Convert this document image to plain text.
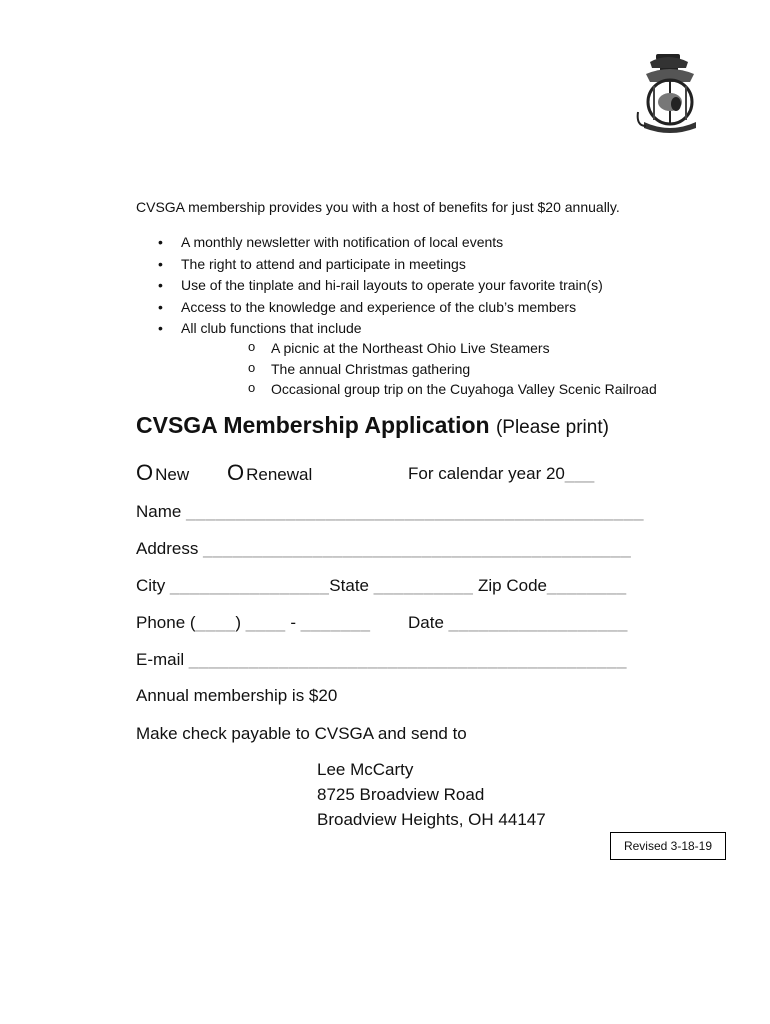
CVSGA membership provides you with a host of benefits for just $20 annually.
• A monthly newsletter with notification of local events
• The right to attend and participate in meetings
• Use of the tinplate and hi-rail layouts to operate your favorite train(s)
• Access to the knowledge and experience of the club’s members
• All club functions that include
o A picnic at the Northeast Ohio Live Steamers
o The annual Christmas gathering
o Occasional group trip on the Cuyahoga Valley Scenic Railroad
CVSGA Membership Application (Please print)
O New O Renewal	For calendar year 20___
Name ______________________________________________
Address ___________________________________________
City ________________State __________ Zip Code________
Phone (____) ____ - _______ Date __________________
E-mail ____________________________________________
Annual membership is $20
Make check payable to CVSGA and send to
Lee McCarty
8725 Broadview Road
Broadview Heights, OH 44147
Revised 3-18-19
